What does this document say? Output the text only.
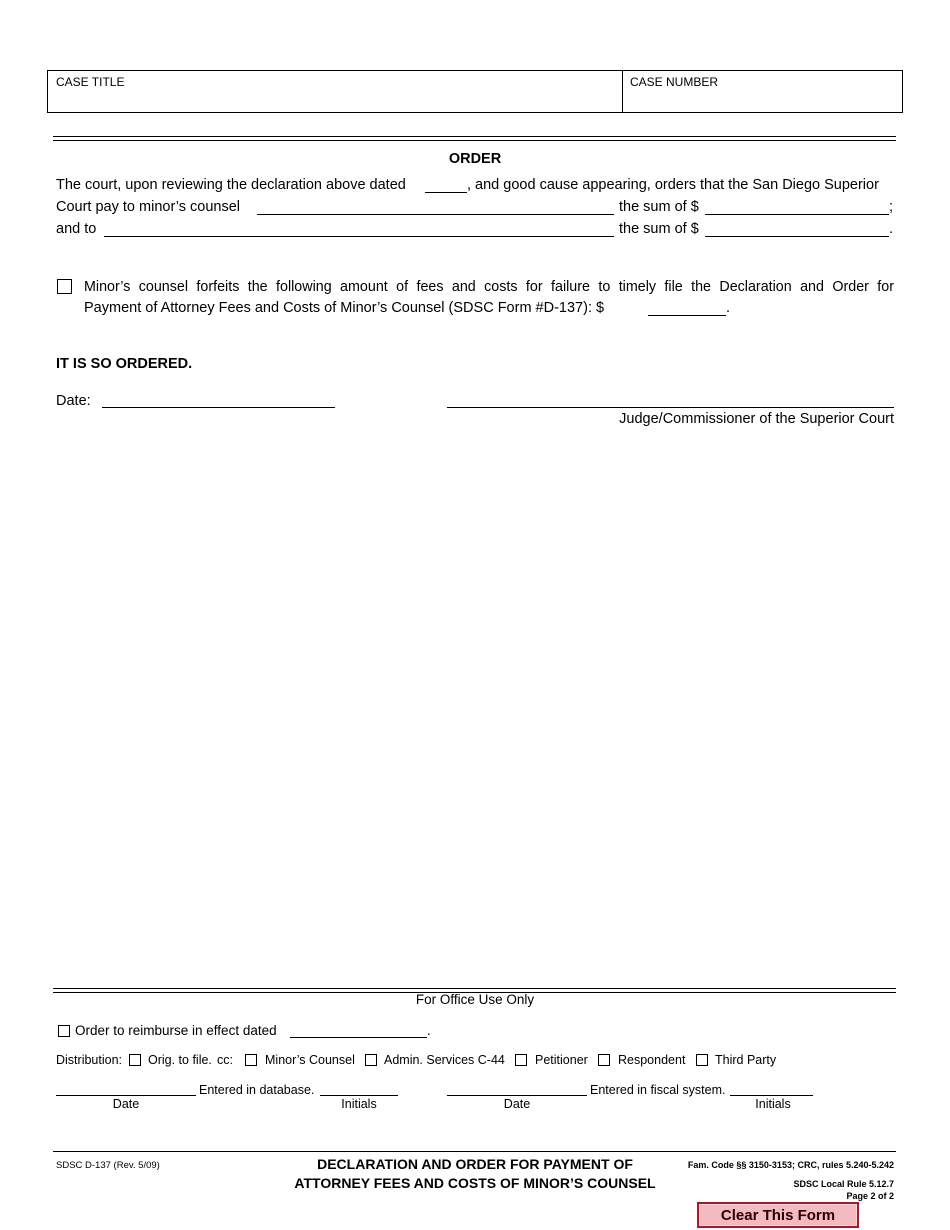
CASE TITLE	CASE NUMBER
ORDER
The court, upon reviewing the declaration above dated	, and good cause appearing, orders that the San Diego Superior
Court pay to minor’s counsel	the sum of $	;
and to	the sum of $	.
Minor’s counsel forfeits the following amount of fees and costs for failure to timely file the Declaration and Order for
Payment of Attorney Fees and Costs of Minor’s Counsel (SDSC Form #D-137): $	.
IT IS SO ORDERED.
Date:
Judge/Commissioner of the Superior Court
For Office Use Only
Order to reimburse in effect dated	.
Distribution: Orig. to file. cc:	Minor’s Counsel Admin. Services C-44 Petitioner Respondent Third Party
Entered in database.	Entered in fiscal system.
Date	Initials	Date	Initials
SDSC D-137 (Rev. 5/09)	DECLARATION AND ORDER FOR PAYMENT OF
ATTORNEY FEES AND COSTS OF MINOR’S COUNSEL
Fam. Code §§ 3150-3153; CRC, rules 5.240-5.242
SDSC Local Rule 5.12.7
Page 2 of 2
Clear This Form
